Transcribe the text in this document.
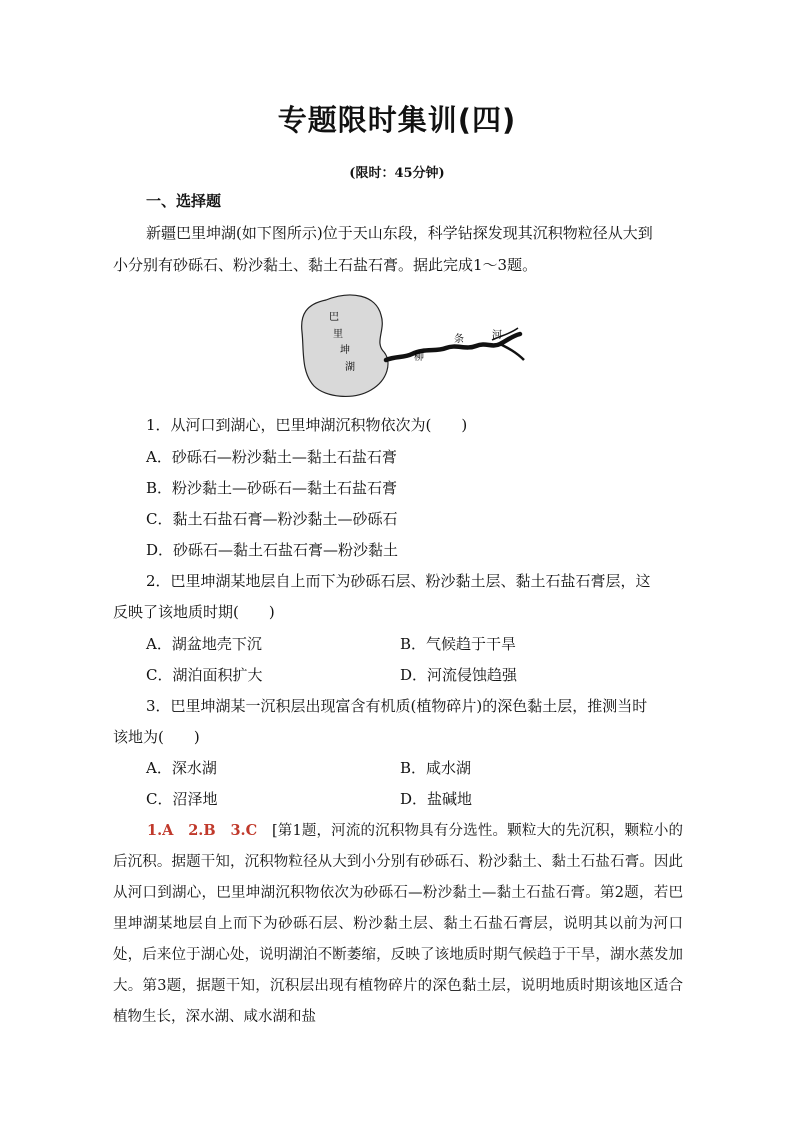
专题限时集训(四)
(限时：45分钟)
一、选择题
新疆巴里坤湖(如下图所示)位于天山东段，科学钻探发现其沉积物粒径从大到
小分别有砂砾石、粉沙黏土、黏土石盐石膏。据此完成1～3题。
巴
里
坤
湖
柳
条	河
1．从河口到湖心，巴里坤湖沉积物依次为(　　)
A．砂砾石—粉沙黏土—黏土石盐石膏
B．粉沙黏土—砂砾石—黏土石盐石膏
C．黏土石盐石膏—粉沙黏土—砂砾石
D．砂砾石—黏土石盐石膏—粉沙黏土
2．巴里坤湖某地层自上而下为砂砾石层、粉沙黏土层、黏土石盐石膏层，这
反映了该地质时期(　　)
A．湖盆地壳下沉	B．气候趋于干旱
C．湖泊面积扩大	D．河流侵蚀趋强
3．巴里坤湖某一沉积层出现富含有机质(植物碎片)的深色黏土层，推测当时
该地为(　　)
A．深水湖	B．咸水湖
C．沼泽地	D．盐碱地

1.A　2.B　3.C　 [第1题，河流的沉积物具有分选性。颗粒大的先沉积，颗粒小的后沉积。据题干知，沉积物粒径从大到小分别有砂砾石、粉沙黏土、黏土石盐石膏。因此从河口到湖心，巴里坤湖沉积物依次为砂砾石—粉沙黏土—黏土石盐石膏。第2题，若巴里坤湖某地层自上而下为砂砾石层、粉沙黏土层、黏土石盐石膏层，说明其以前为河口处，后来位于湖心处，说明湖泊不断萎缩，反映了该地质时期气候趋于干旱，湖水蒸发加大。第3题，据题干知，沉积层出现有植物碎片的深色黏土层，说明地质时期该地区适合植物生长，深水湖、咸水湖和盐
